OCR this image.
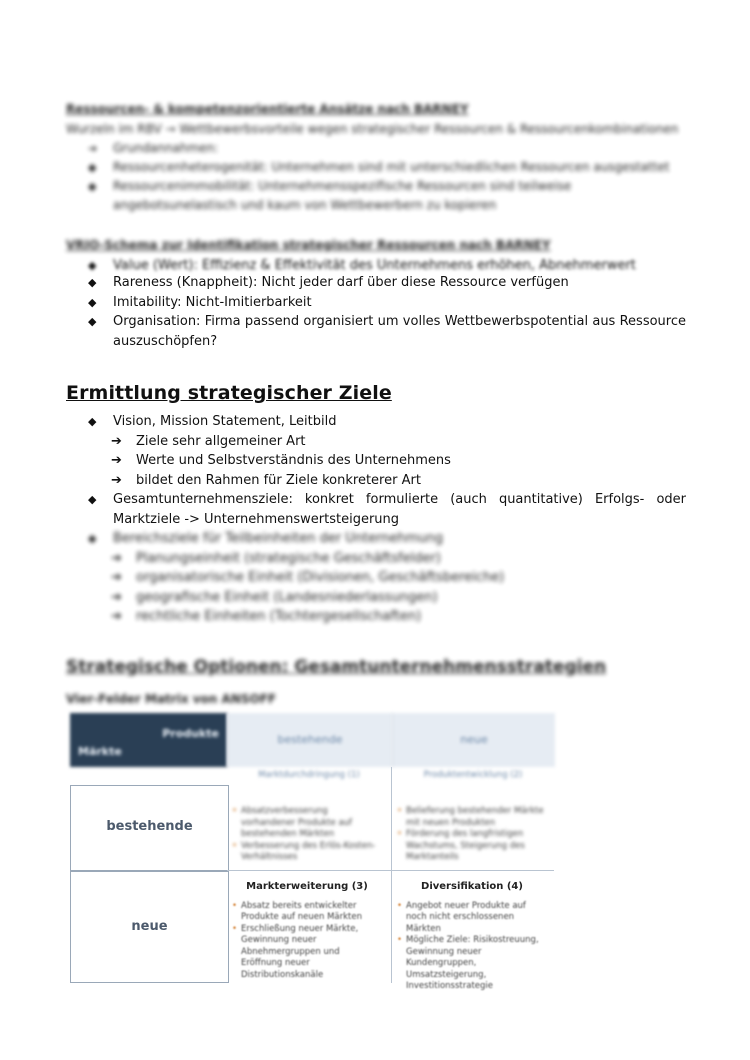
Ressourcen- & kompetenzorientierte Ansätze nach BARNEY
Wurzeln im RBV → Wettbewerbsvorteile wegen strategischer Ressourcen & Ressourcenkombinationen
➔ Grundannahmen:
◆ Ressourcenheterogenität: Unternehmen sind mit unterschiedlichen Ressourcen ausgestattet
◆ Ressourcenimmobilität: Unternehmensspezifische Ressourcen sind teilweise angebotsunelastisch und kaum von Wettbewerbern zu kopieren
VRIO-Schema zur Identifikation strategischer Ressourcen nach BARNEY
◆ Value (Wert): Effizienz & Effektivität des Unternehmens erhöhen, Abnehmerwert
◆ Rareness (Knappheit): Nicht jeder darf über diese Ressource verfügen
◆ Imitability: Nicht-Imitierbarkeit
◆ Organisation: Firma passend organisiert um volles Wettbewerbspotential aus Ressource auszuschöpfen?
Ermittlung strategischer Ziele
◆ Vision, Mission Statement, Leitbild
➔ Ziele sehr allgemeiner Art
➔ Werte und Selbstverständnis des Unternehmens
➔ bildet den Rahmen für Ziele konkreterer Art
◆ Gesamtunternehmensziele: konkret formulierte (auch quantitative) Erfolgs- oder Marktziele -> Unternehmenswertsteigerung
◆ Bereichsziele für Teilbeinheiten der Unternehmung
➔ Planungseinheit (strategische Geschäftsfelder)
➔ organisatorische Einheit (Divisionen, Geschäftsbereiche)
➔ geografische Einheit (Landesniederlassungen)
➔ rechtliche Einheiten (Tochtergesellschaften)
Strategische Optionen: Gesamtunternehmensstrategien
Vier-Felder Matrix von ANSOFF
Produkte
Märkte
bestehende	neue
Marktdurchdringung (1)	Produktentwicklung (2)
bestehende
neue
• Absatzverbesserung vorhandener Produkte auf bestehenden Märkten
• Verbesserung des Erlös-Kosten-Verhältnisses
• Belieferung bestehender Märkte mit neuen Produkten
• Förderung des langfristigen Wachstums, Steigerung des Marktanteils
Markterweiterung (3)
• Absatz bereits entwickelter Produkte auf neuen Märkten
• Erschließung neuer Märkte, Gewinnung neuer Abnehmergruppen und Eröffnung neuer Distributionskanäle
Diversifikation (4)
• Angebot neuer Produkte auf noch nicht erschlossenen Märkten
• Mögliche Ziele: Risikostreuung, Gewinnung neuer Kundengruppen, Umsatzsteigerung, Investitionsstrategie
